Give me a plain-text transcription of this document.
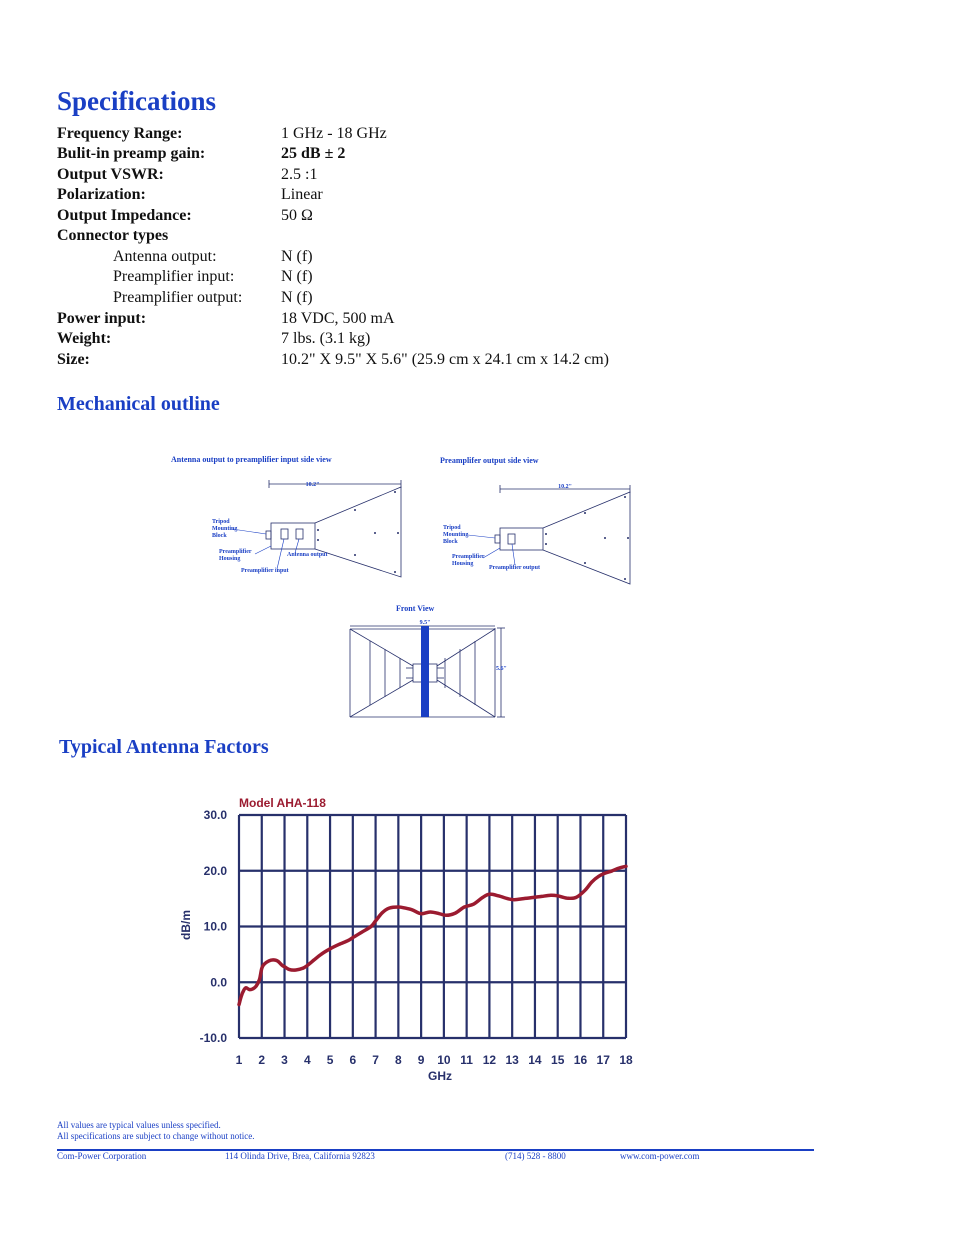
Specifications
Frequency Range:	1 GHz - 18 GHz
Bulit-in preamp gain:	25 dB ± 2
Output VSWR:	2.5 :1
Polarization:	Linear
Output Impedance:	50 Ω
Connector types
Antenna output:	N (f)
Preamplifier input:	N (f)
Preamplifier output: N (f)
Power input:	18 VDC, 500 mA
Weight:	7 lbs. (3.1 kg)
Size:	10.2" X 9.5" X 5.6" (25.9 cm x 24.1 cm x 14.2 cm)
Mechanical outline
Antenna output to preamplifier input side view
10.2"
Tripod
Mounting
Block
Preamplifier
Housing
Antenna output
Preamplifier input
Preamplifer output side view
10.2"
Tripod
Mounting
Block
Preamplifier
Housing
Preamplifier output
Front View
9.5"
5.6"
Typical Antenna Factors
Model AHA-118
30.0
20.0
10.0
0.0
-10.0
1 2 3 4 5 6 7 8 9 10 11 12 13 14 15 16 17 18
GHz
dB/m
All values are typical values unless specified.
All specifications are subject to change without notice.
Com-Power Corporation	114 Olinda Drive, Brea, California 92823	(714) 528 - 8800	www.com-power.com
